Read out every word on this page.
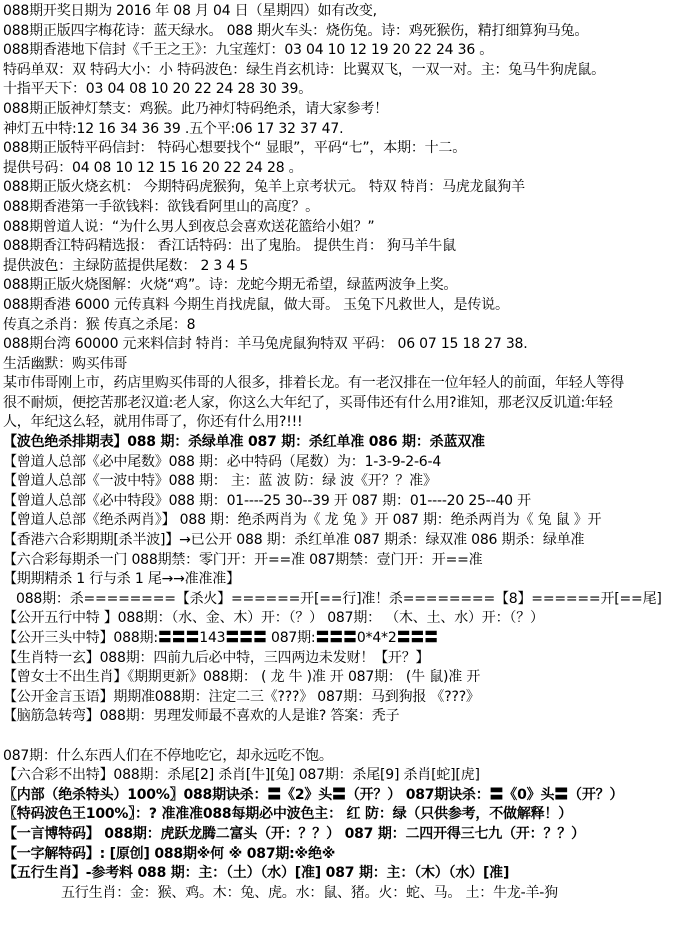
088期开奖日期为 2016 年 08 月 04 日（星期四）如有改变,
088期正版四字梅花诗：蓝天绿水。 088 期火车头：烧伤兔。诗：鸡死猴伤，精打细算狗马兔。
088期香港地下信封《千王之王》：九宝莲灯：03 04 10 12 19 20 22 24 36 。
特码单双：双 特码大小：小 特码波色：绿生肖玄机诗：比翼双飞，一双一对。主：兔马牛狗虎鼠。
十指平天下：03 04 08 10 20 22 24 28 30 39。
088期正版神灯禁支：鸡猴。此乃神灯特码绝杀，请大家参考！
神灯五中特:12 16 34 36 39 .五个平:06 17 32 37 47.
088期正版特平码信封： 特码心想要找个“ 显眼”，平码“七”，本期：十二。
提供号码：04 08 10 12 15 16 20 22 24 28 。
088期正版火烧玄机： 今期特码虎猴狗，兔羊上京考状元。 特双 特肖：马虎龙鼠狗羊
088期香港第一手欲钱料：欲钱看阿里山的高度？。
088期曾道人说：“为什么男人到夜总会喜欢送花篮给小姐？”
088期香江特码精选报： 香江话特码：出了鬼胎。 提供生肖： 狗马羊牛鼠
提供波色：主绿防蓝提供尾数： 2 3 4 5
088期正版火烧图解：火烧“鸡”。诗：龙蛇今期无希望，绿蓝两波争上奖。
088期香港 6000 元传真料 今期生肖找虎鼠，做大哥。 玉兔下凡救世人，是传说。
传真之杀肖：猴 传真之杀尾：8
088期台湾 60000 元来料信封 特肖：羊马兔虎鼠狗特双 平码： 06 07 15 18 27 38.
生活幽默：购买伟哥
某市伟哥刚上市，药店里购买伟哥的人很多，排着长龙。有一老汉排在一位年轻人的前面，年轻人等得
很不耐烦，便挖苦那老汉道:老人家，你这么大年纪了，买哥伟还有什么用?谁知，那老汉反讥道:年轻
人，年纪这么轻，就用伟哥了，你还有什么用?!!!
【波色绝杀排期表】088 期：杀绿单准 087 期：杀红单准 086 期：杀蓝双准
【曾道人总部《必中尾数》088 期：必中特码（尾数）为：1-3-9-2-6-4
【曾道人总部《一波中特》088 期： 主：蓝 波 防：绿 波《开？？准》
【曾道人总部《必中特段》088 期：01----25 30--39 开 087 期：01----20 25--40 开
【曾道人总部《绝杀两肖》】 088 期：绝杀两肖为《 龙 兔 》开 087 期：绝杀两肖为《 兔 鼠 》开
【香港六合彩期期[杀半波]】→已公开 088 期：杀红单准 087 期杀：绿双准 086 期杀：绿单准
【六合彩每期杀一门 088期禁：零门开：开==准 087期禁：壹门开：开==准
【期期精杀 1 行与杀 1 尾→→准准准】
088期：杀========【杀火】======开[==行]准！杀========【8】======开[==尾]
【公开五行中特 】088期：（水、金、木）开：（？） 087期： （木、土、水）开：（？）
【公开三头中特】088期:〓〓〓143〓〓〓 087期:〓〓〓0*4*2〓〓〓
【生肖特一玄】088期：四前九后必中特，三四两边未发财！【开？】
【曾女士不出生肖】《期期更新》088期： ( 龙 牛 )准 开 087期： (牛 鼠)准 开
【公开金言玉语】期期准088期：注定二三《???》 087期：马到狗报 《???》
【脑筋急转弯】088期：男理发师最不喜欢的人是谁? 答案：秃子
087期：什么东西人们在不停地吃它，却永远吃不饱。
【六合彩不出特】088期：杀尾[2] 杀肖[牛][兔] 087期：杀尾[9] 杀肖[蛇][虎]
〖内部（绝杀特头）100%〗088期诀杀：〓《2》头〓（开？） 087期诀杀：〓《0》头〓（开？）
〖特码波色王100%〗：? 准准准088每期必中波色主： 红 防：绿（只供参考，不做解释！）
【一言博特码】 088期：虎跃龙腾二富头（开：？？） 087 期：二四开得三七九（开：？？）
【一字解特码】: [原创] 088期※何 ※ 087期:※绝※
【五行生肖】-参考料 088 期：主：（土）（水）[准] 087 期：主：（木）（水）[准]
五行生肖：金：猴、鸡。木：兔、虎。水：鼠、猪。火：蛇、马。 土：牛龙-羊-狗
